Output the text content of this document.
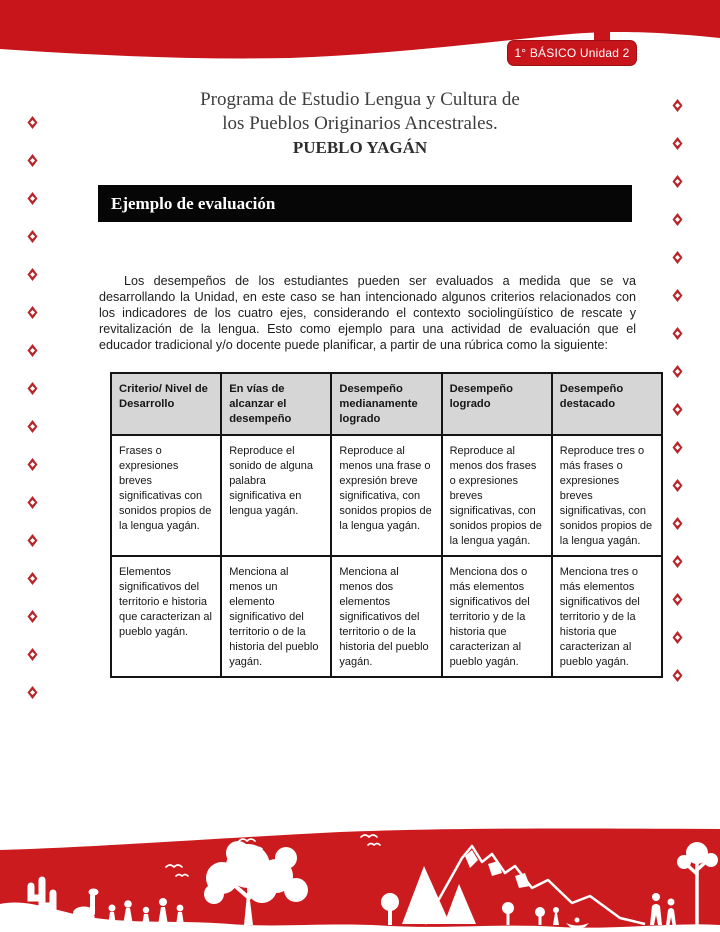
1° BÁSICO Unidad 2
Programa de Estudio Lengua y Cultura de
los Pueblos Originarios Ancestrales.
PUEBLO YAGÁN
Ejemplo de evaluación

Los desempeños de los estudiantes pueden ser evaluados a medida que se va desarrollando la Unidad, en este caso se han intencionado algunos criterios relacionados con los indicadores de los cuatro ejes, considerando el contexto sociolingüístico de rescate y revitalización de la lengua. Esto como ejemplo para una actividad de evaluación que el educador tradicional y/o docente puede planificar, a partir de una rúbrica como la siguiente:

Criterio/ Nivel de Desarrollo	En vías de alcanzar el desempeño	Desempeño medianamente logrado	Desempeño logrado	Desempeño destacado
Frases o expresiones breves significativas con sonidos propios de la lengua yagán.	Reproduce el sonido de alguna palabra significativa en lengua yagán.	Reproduce al menos una frase o expresión breve significativa, con sonidos propios de la lengua yagán.	Reproduce al menos dos frases o expresiones breves significativas, con sonidos propios de la lengua yagán.	Reproduce tres o más frases o expresiones breves significativas, con sonidos propios de la lengua yagán.
Elementos significativos del territorio e historia que caracterizan al pueblo yagán.	Menciona al menos un elemento significativo del territorio o de la historia del pueblo yagán.	Menciona al menos dos elementos significativos del territorio o de la historia del pueblo yagán.	Menciona dos o más elementos significativos del territorio y de la historia que caracterizan al pueblo yagán.	Menciona tres o más elementos significativos del territorio y de la historia que caracterizan al pueblo yagán.
